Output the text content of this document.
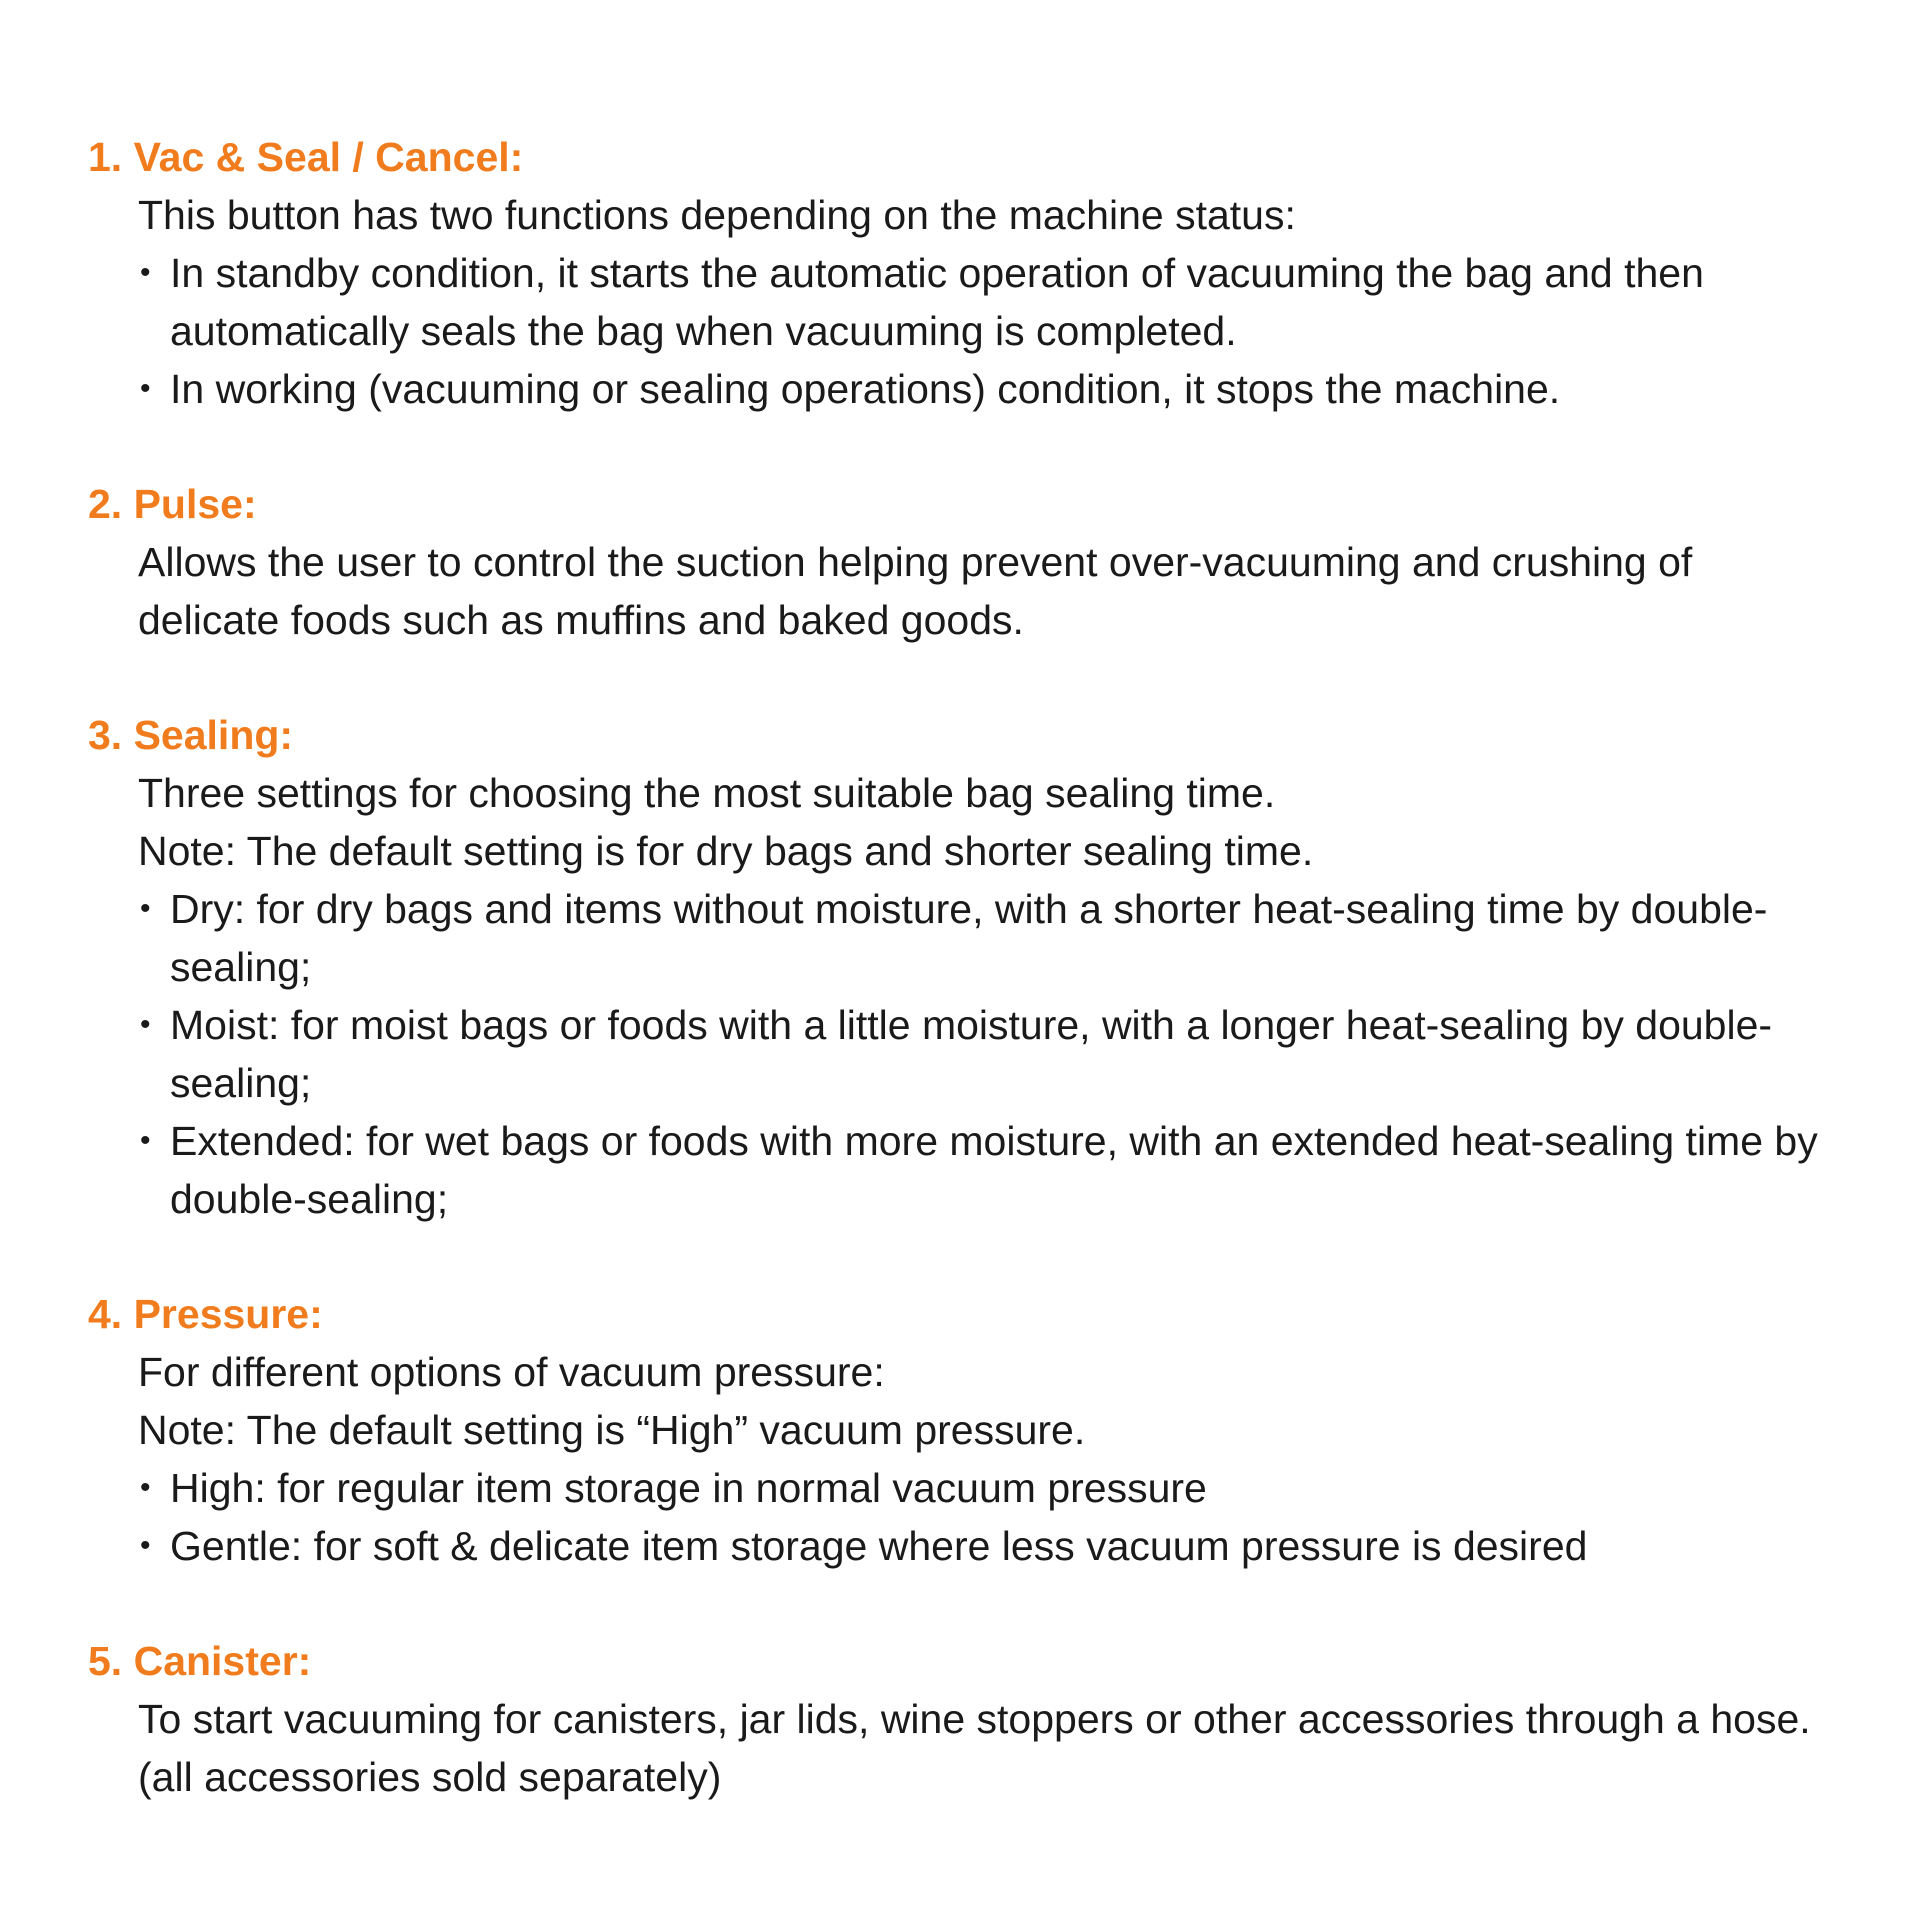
1. Vac & Seal / Cancel:
This button has two functions depending on the machine status:
• In standby condition, it starts the automatic operation of vacuuming the bag and then automatically seals the bag when vacuuming is completed.
• In working (vacuuming or sealing operations) condition, it stops the machine.
2. Pulse:
Allows the user to control the suction helping prevent over-vacuuming and crushing of delicate foods such as muffins and baked goods.
3. Sealing:
Three settings for choosing the most suitable bag sealing time.
Note: The default setting is for dry bags and shorter sealing time.
• Dry: for dry bags and items without moisture, with a shorter heat-sealing time by double-sealing;
• Moist: for moist bags or foods with a little moisture, with a longer heat-sealing by double-sealing;
• Extended: for wet bags or foods with more moisture, with an extended heat-sealing time by double-sealing;
4. Pressure:
For different options of vacuum pressure:
Note: The default setting is “High” vacuum pressure.
• High: for regular item storage in normal vacuum pressure
• Gentle: for soft & delicate item storage where less vacuum pressure is desired
5. Canister:
To start vacuuming for canisters, jar lids, wine stoppers or other accessories through a hose. (all accessories sold separately)
